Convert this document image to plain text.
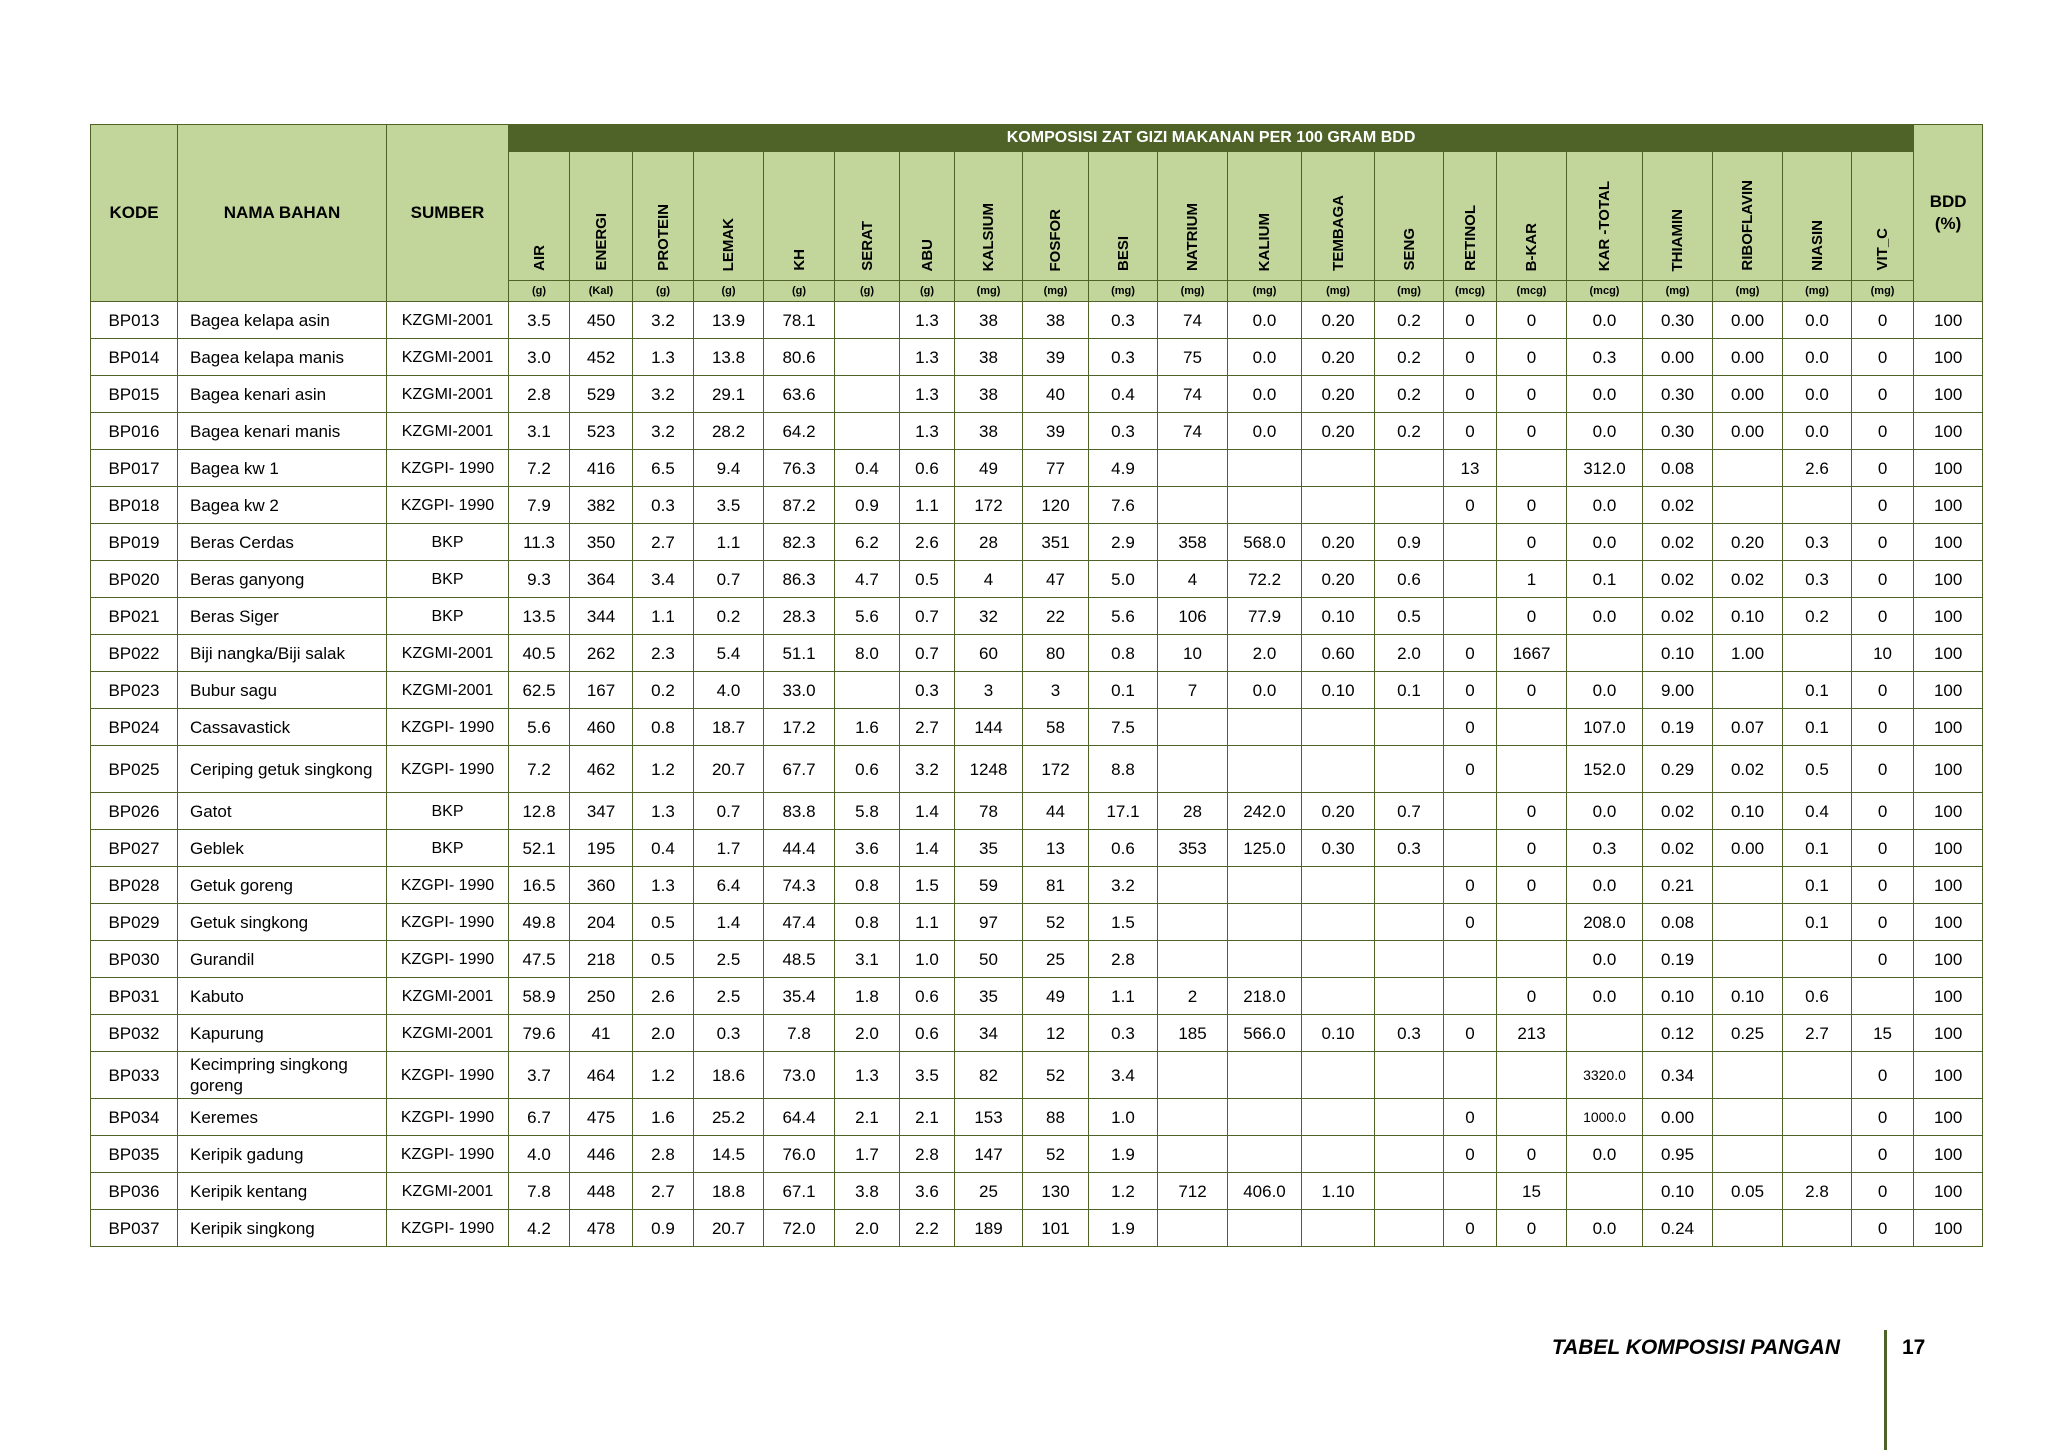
KODE	NAMA BAHAN	SUMBER	KOMPOSISI ZAT GIZI MAKANAN PER 100 GRAM BDD																					BDD (%)
			AIR	ENERGI	PROTEIN	LEMAK	KH	SERAT	ABU	KALSIUM	FOSFOR	BESI	NATRIUM	KALIUM	TEMBAGA	SENG	RETINOL	B-KAR	KAR -TOTAL	THIAMIN	RIBOFLAVIN	NIASIN	VIT_C	
			(g)	(Kal)	(g)	(g)	(g)	(g)	(g)	(mg)	(mg)	(mg)	(mg)	(mg)	(mg)	(mg)	(mcg)	(mcg)	(mcg)	(mg)	(mg)	(mg)	(mg)	
BP013	Bagea kelapa asin	KZGMI-2001	3.5	450	3.2	13.9	78.1		1.3	38	38	0.3	74	0.0	0.20	0.2	0	0	0.0	0.30	0.00	0.0	0	100
BP014	Bagea kelapa manis	KZGMI-2001	3.0	452	1.3	13.8	80.6		1.3	38	39	0.3	75	0.0	0.20	0.2	0	0	0.3	0.00	0.00	0.0	0	100
BP015	Bagea kenari asin	KZGMI-2001	2.8	529	3.2	29.1	63.6		1.3	38	40	0.4	74	0.0	0.20	0.2	0	0	0.0	0.30	0.00	0.0	0	100
BP016	Bagea kenari manis	KZGMI-2001	3.1	523	3.2	28.2	64.2		1.3	38	39	0.3	74	0.0	0.20	0.2	0	0	0.0	0.30	0.00	0.0	0	100
BP017	Bagea kw 1	KZGPI- 1990	7.2	416	6.5	9.4	76.3	0.4	0.6	49	77	4.9					13		312.0	0.08		2.6	0	100
BP018	Bagea kw 2	KZGPI- 1990	7.9	382	0.3	3.5	87.2	0.9	1.1	172	120	7.6					0	0	0.0	0.02			0	100
BP019	Beras Cerdas	BKP	11.3	350	2.7	1.1	82.3	6.2	2.6	28	351	2.9	358	568.0	0.20	0.9		0	0.0	0.02	0.20	0.3	0	100
BP020	Beras ganyong	BKP	9.3	364	3.4	0.7	86.3	4.7	0.5	4	47	5.0	4	72.2	0.20	0.6		1	0.1	0.02	0.02	0.3	0	100
BP021	Beras Siger	BKP	13.5	344	1.1	0.2	28.3	5.6	0.7	32	22	5.6	106	77.9	0.10	0.5		0	0.0	0.02	0.10	0.2	0	100
BP022	Biji nangka/Biji salak	KZGMI-2001	40.5	262	2.3	5.4	51.1	8.0	0.7	60	80	0.8	10	2.0	0.60	2.0	0	1667		0.10	1.00		10	100
BP023	Bubur sagu	KZGMI-2001	62.5	167	0.2	4.0	33.0		0.3	3	3	0.1	7	0.0	0.10	0.1	0	0	0.0	9.00		0.1	0	100
BP024	Cassavastick	KZGPI- 1990	5.6	460	0.8	18.7	17.2	1.6	2.7	144	58	7.5					0		107.0	0.19	0.07	0.1	0	100
BP025	Ceriping getuk singkong	KZGPI- 1990	7.2	462	1.2	20.7	67.7	0.6	3.2	1248	172	8.8					0		152.0	0.29	0.02	0.5	0	100
BP026	Gatot	BKP	12.8	347	1.3	0.7	83.8	5.8	1.4	78	44	17.1	28	242.0	0.20	0.7		0	0.0	0.02	0.10	0.4	0	100
BP027	Geblek	BKP	52.1	195	0.4	1.7	44.4	3.6	1.4	35	13	0.6	353	125.0	0.30	0.3		0	0.3	0.02	0.00	0.1	0	100
BP028	Getuk goreng	KZGPI- 1990	16.5	360	1.3	6.4	74.3	0.8	1.5	59	81	3.2					0	0	0.0	0.21		0.1	0	100
BP029	Getuk singkong	KZGPI- 1990	49.8	204	0.5	1.4	47.4	0.8	1.1	97	52	1.5					0		208.0	0.08		0.1	0	100
BP030	Gurandil	KZGPI- 1990	47.5	218	0.5	2.5	48.5	3.1	1.0	50	25	2.8							0.0	0.19			0	100
BP031	Kabuto	KZGMI-2001	58.9	250	2.6	2.5	35.4	1.8	0.6	35	49	1.1	2	218.0				0	0.0	0.10	0.10	0.6		100
BP032	Kapurung	KZGMI-2001	79.6	41	2.0	0.3	7.8	2.0	0.6	34	12	0.3	185	566.0	0.10	0.3	0	213		0.12	0.25	2.7	15	100
BP033	Kecimpring singkong goreng	KZGPI- 1990	3.7	464	1.2	18.6	73.0	1.3	3.5	82	52	3.4							3320.0	0.34			0	100
BP034	Keremes	KZGPI- 1990	6.7	475	1.6	25.2	64.4	2.1	2.1	153	88	1.0					0		1000.0	0.00			0	100
BP035	Keripik gadung	KZGPI- 1990	4.0	446	2.8	14.5	76.0	1.7	2.8	147	52	1.9					0	0	0.0	0.95			0	100
BP036	Keripik kentang	KZGMI-2001	7.8	448	2.7	18.8	67.1	3.8	3.6	25	130	1.2	712	406.0	1.10			15		0.10	0.05	2.8	0	100
BP037	Keripik singkong	KZGPI- 1990	4.2	478	0.9	20.7	72.0	2.0	2.2	189	101	1.9					0	0	0.0	0.24			0	100
TABEL KOMPOSISI PANGAN	17
